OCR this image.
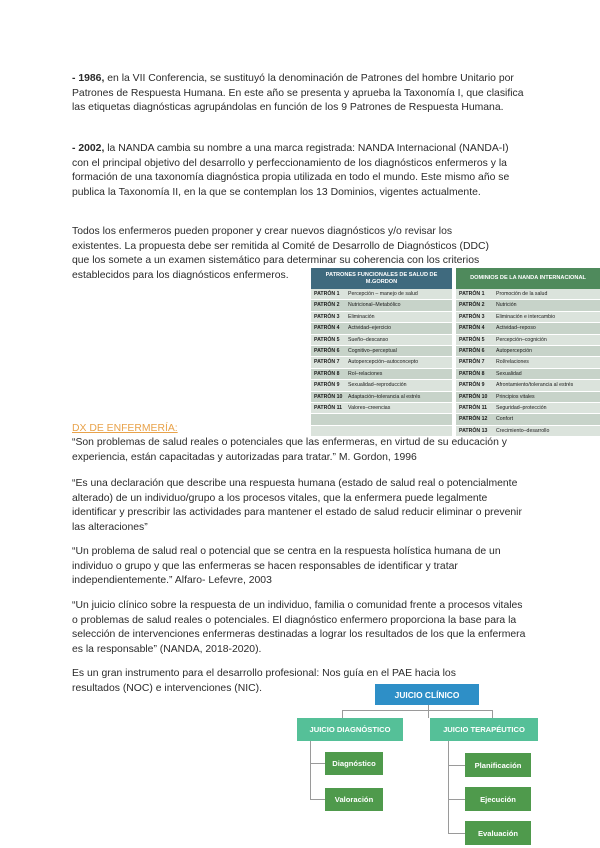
- 1986, en la VII Conferencia, se sustituyó la denominación de Patrones del hombre Unitario por Patrones de Respuesta Humana. En este año se presenta y aprueba la Taxonomía I, que clasifica las etiquetas diagnósticas agrupándolas en función de los 9 Patrones de Respuesta Humana.

- 2002, la NANDA cambia su nombre a una marca registrada: NANDA Internacional (NANDA-I) con el principal objetivo del desarrollo y perfeccionamiento de los diagnósticos enfermeros y la formación de una taxonomía diagnóstica propia utilizada en todo el mundo. Este mismo año se publica la Taxonomía II, en la que se contemplan los 13 Dominios, vigentes actualmente.

Todos los enfermeros pueden proponer y crear nuevos diagnósticos y/o revisar los
existentes. La propuesta debe ser remitida al Comité de Desarrollo de Diagnósticos (DDC)
que los somete a un examen sistemático para determinar su coherencia con los criterios
establecidos para los diagnósticos enfermeros.	PATRONES FUNCIONALES DE SALUD DE M.GORDON			DOMINIOS DE LA NANDA INTERNACIONAL	
PATRÓN 1	Percepción – manejo de salud		PATRÓN 1	Promoción de la salud
PATRÓN 2	Nutricional–Metabólico		PATRÓN 2	Nutrición
PATRÓN 3	Eliminación		PATRÓN 3	Eliminación e intercambio
PATRÓN 4	Actividad–ejercicio		PATRÓN 4	Actividad–reposo
PATRÓN 5	Sueño–descanso		PATRÓN 5	Percepción–cognición
PATRÓN 6	Cognitivo–perceptual		PATRÓN 6	Autopercepción
PATRÓN 7	Autopercepción–autoconcepto		PATRÓN 7	Rol/relaciones
PATRÓN 8	Rol–relaciones		PATRÓN 8	Sexualidad
PATRÓN 9	Sexualidad–reproducción		PATRÓN 9	Afrontamiento/tolerancia al estrés
PATRÓN 10	Adaptación–tolerancia al estrés		PATRÓN 10	Principios vitales
PATRÓN 11	Valores–creencias		PATRÓN 11	Seguridad–protección
			PATRÓN 12	Confort
			PATRÓN 13	Crecimiento–desarrollo

DX DE ENFERMERÍA:

“Son problemas de salud reales o potenciales que las enfermeras, en virtud de su educación y experiencia, están capacitadas y autorizadas para tratar.” M. Gordon, 1996

“Es una declaración que describe una respuesta humana (estado de salud real o potencialmente alterado) de un individuo/grupo a los procesos vitales, que la enfermera puede legalmente identificar y prescribir las actividades para mantener el estado de salud reducir eliminar o prevenir las alteraciones”

“Un problema de salud real o potencial que se centra en la respuesta holística humana de un individuo o grupo y que las enfermeras se hacen responsables de identificar y tratar independientemente.” Alfaro- Lefevre, 2003

“Un juicio clínico sobre la respuesta de un individuo, familia o comunidad frente a procesos vitales o problemas de salud reales o potenciales. El diagnóstico enfermero proporciona la base para la selección de intervenciones enfermeras destinadas a lograr los resultados de los que la enfermera es la responsable” (NANDA, 2018-2020).

Es un gran instrumento para el desarrollo profesional: Nos guía en el PAE hacia los
resultados (NOC) e intervenciones (NIC).
JUICIO CLÍNICO
JUICIO DIAGNÓSTICO	JUICIO TERAPÉUTICO
Diagnóstico
Valoración
Planificación
Ejecución
Evaluación
